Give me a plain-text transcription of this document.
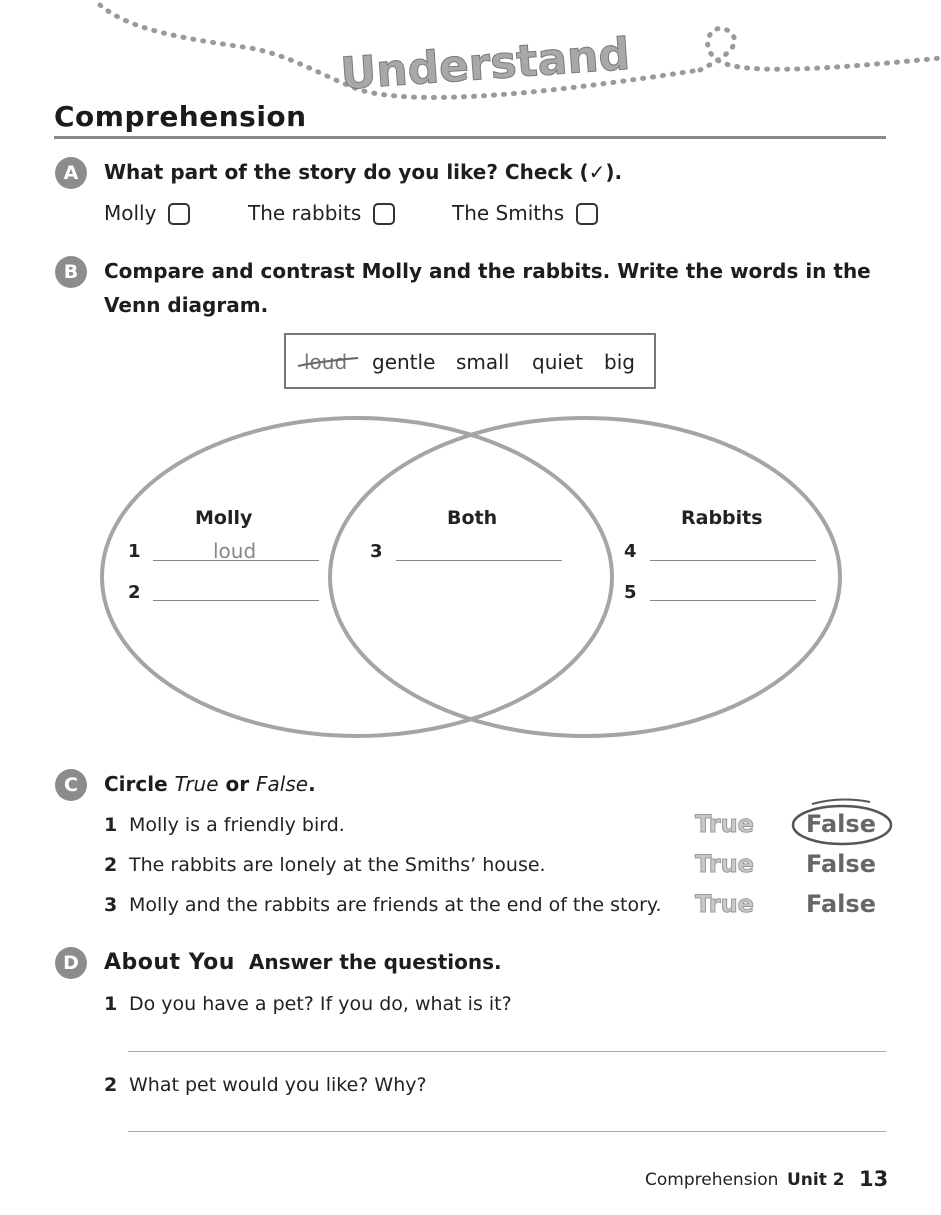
Understand
Comprehension
A	What part of the story do you like? Check (✓).
Molly	The rabbits	The Smiths
B	Compare and contrast Molly and the rabbits. Write the words in the
Venn diagram.
loud gentle small quiet big
Molly	Both	Rabbits
1	loud
2
3	4
5
C	Circle True or False.
1 Molly is a friendly bird.	True False
2 The rabbits are lonely at the Smiths’ house.	True False
3 Molly and the rabbits are friends at the end of the story. True False
D	About You Answer the questions.
1 Do you have a pet? If you do, what is it?
2 What pet would you like? Why?
Comprehension Unit 2 13
